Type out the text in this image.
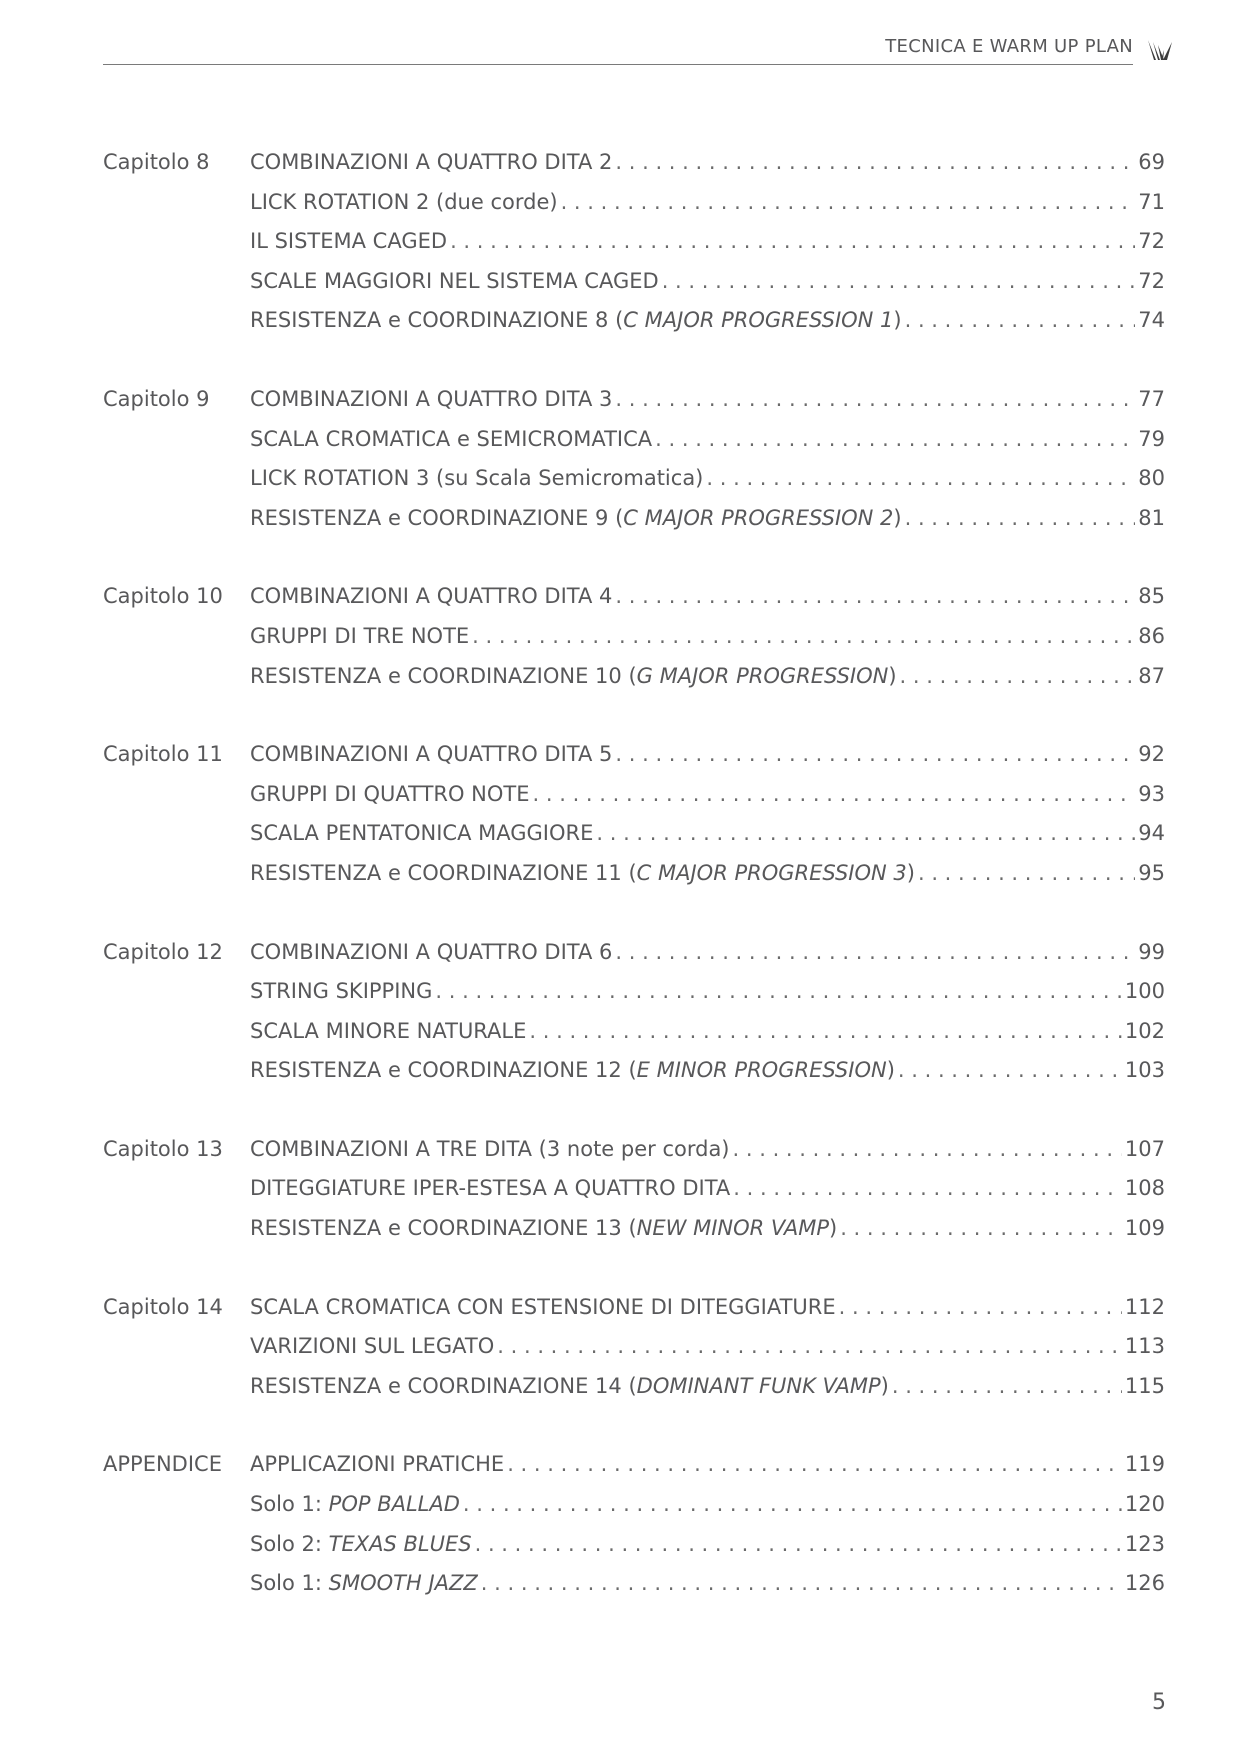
TECNICA E WARM UP PLAN
Capitolo 8 COMBINAZIONI A QUATTRO DITA 2 . . .	69
LICK ROTATION 2 (due corde) . . .	71
IL SISTEMA CAGED . . .	72
SCALE MAGGIORI NEL SISTEMA CAGED . . .	72
RESISTENZA e COORDINAZIONE 8 (C MAJOR PROGRESSION 1) . . .	74
Capitolo 9 COMBINAZIONI A QUATTRO DITA 3 . . .	77
SCALA CROMATICA e SEMICROMATICA . . .	79
LICK ROTATION 3 (su Scala Semicromatica) . . .	80
RESISTENZA e COORDINAZIONE 9 (C MAJOR PROGRESSION 2) . . .	81
Capitolo 10 COMBINAZIONI A QUATTRO DITA 4 . . .	85
GRUPPI DI TRE NOTE . . .	86
RESISTENZA e COORDINAZIONE 10 (G MAJOR PROGRESSION) . . .	87
Capitolo 11 COMBINAZIONI A QUATTRO DITA 5 . . .	92
GRUPPI DI QUATTRO NOTE . . .	93
SCALA PENTATONICA MAGGIORE . . .	94
RESISTENZA e COORDINAZIONE 11 (C MAJOR PROGRESSION 3) . . .	95
Capitolo 12 COMBINAZIONI A QUATTRO DITA 6 . . .	99
STRING SKIPPING . . .	100
SCALA MINORE NATURALE . . .	102
RESISTENZA e COORDINAZIONE 12 (E MINOR PROGRESSION) . . .	103
Capitolo 13 COMBINAZIONI A TRE DITA (3 note per corda) . . .	107
DITEGGIATURE IPER-ESTESA A QUATTRO DITA . . .	108
RESISTENZA e COORDINAZIONE 13 (NEW MINOR VAMP) . . .	109
Capitolo 14 SCALA CROMATICA CON ESTENSIONE DI DITEGGIATURE . . .	112
VARIZIONI SUL LEGATO . . .	113
RESISTENZA e COORDINAZIONE 14 (DOMINANT FUNK VAMP) . . .	115
APPENDICE APPLICAZIONI PRATICHE . . .	119
Solo 1: POP BALLAD . . .	120
Solo 2: TEXAS BLUES . . .	123
Solo 1: SMOOTH JAZZ . . .	126
5
